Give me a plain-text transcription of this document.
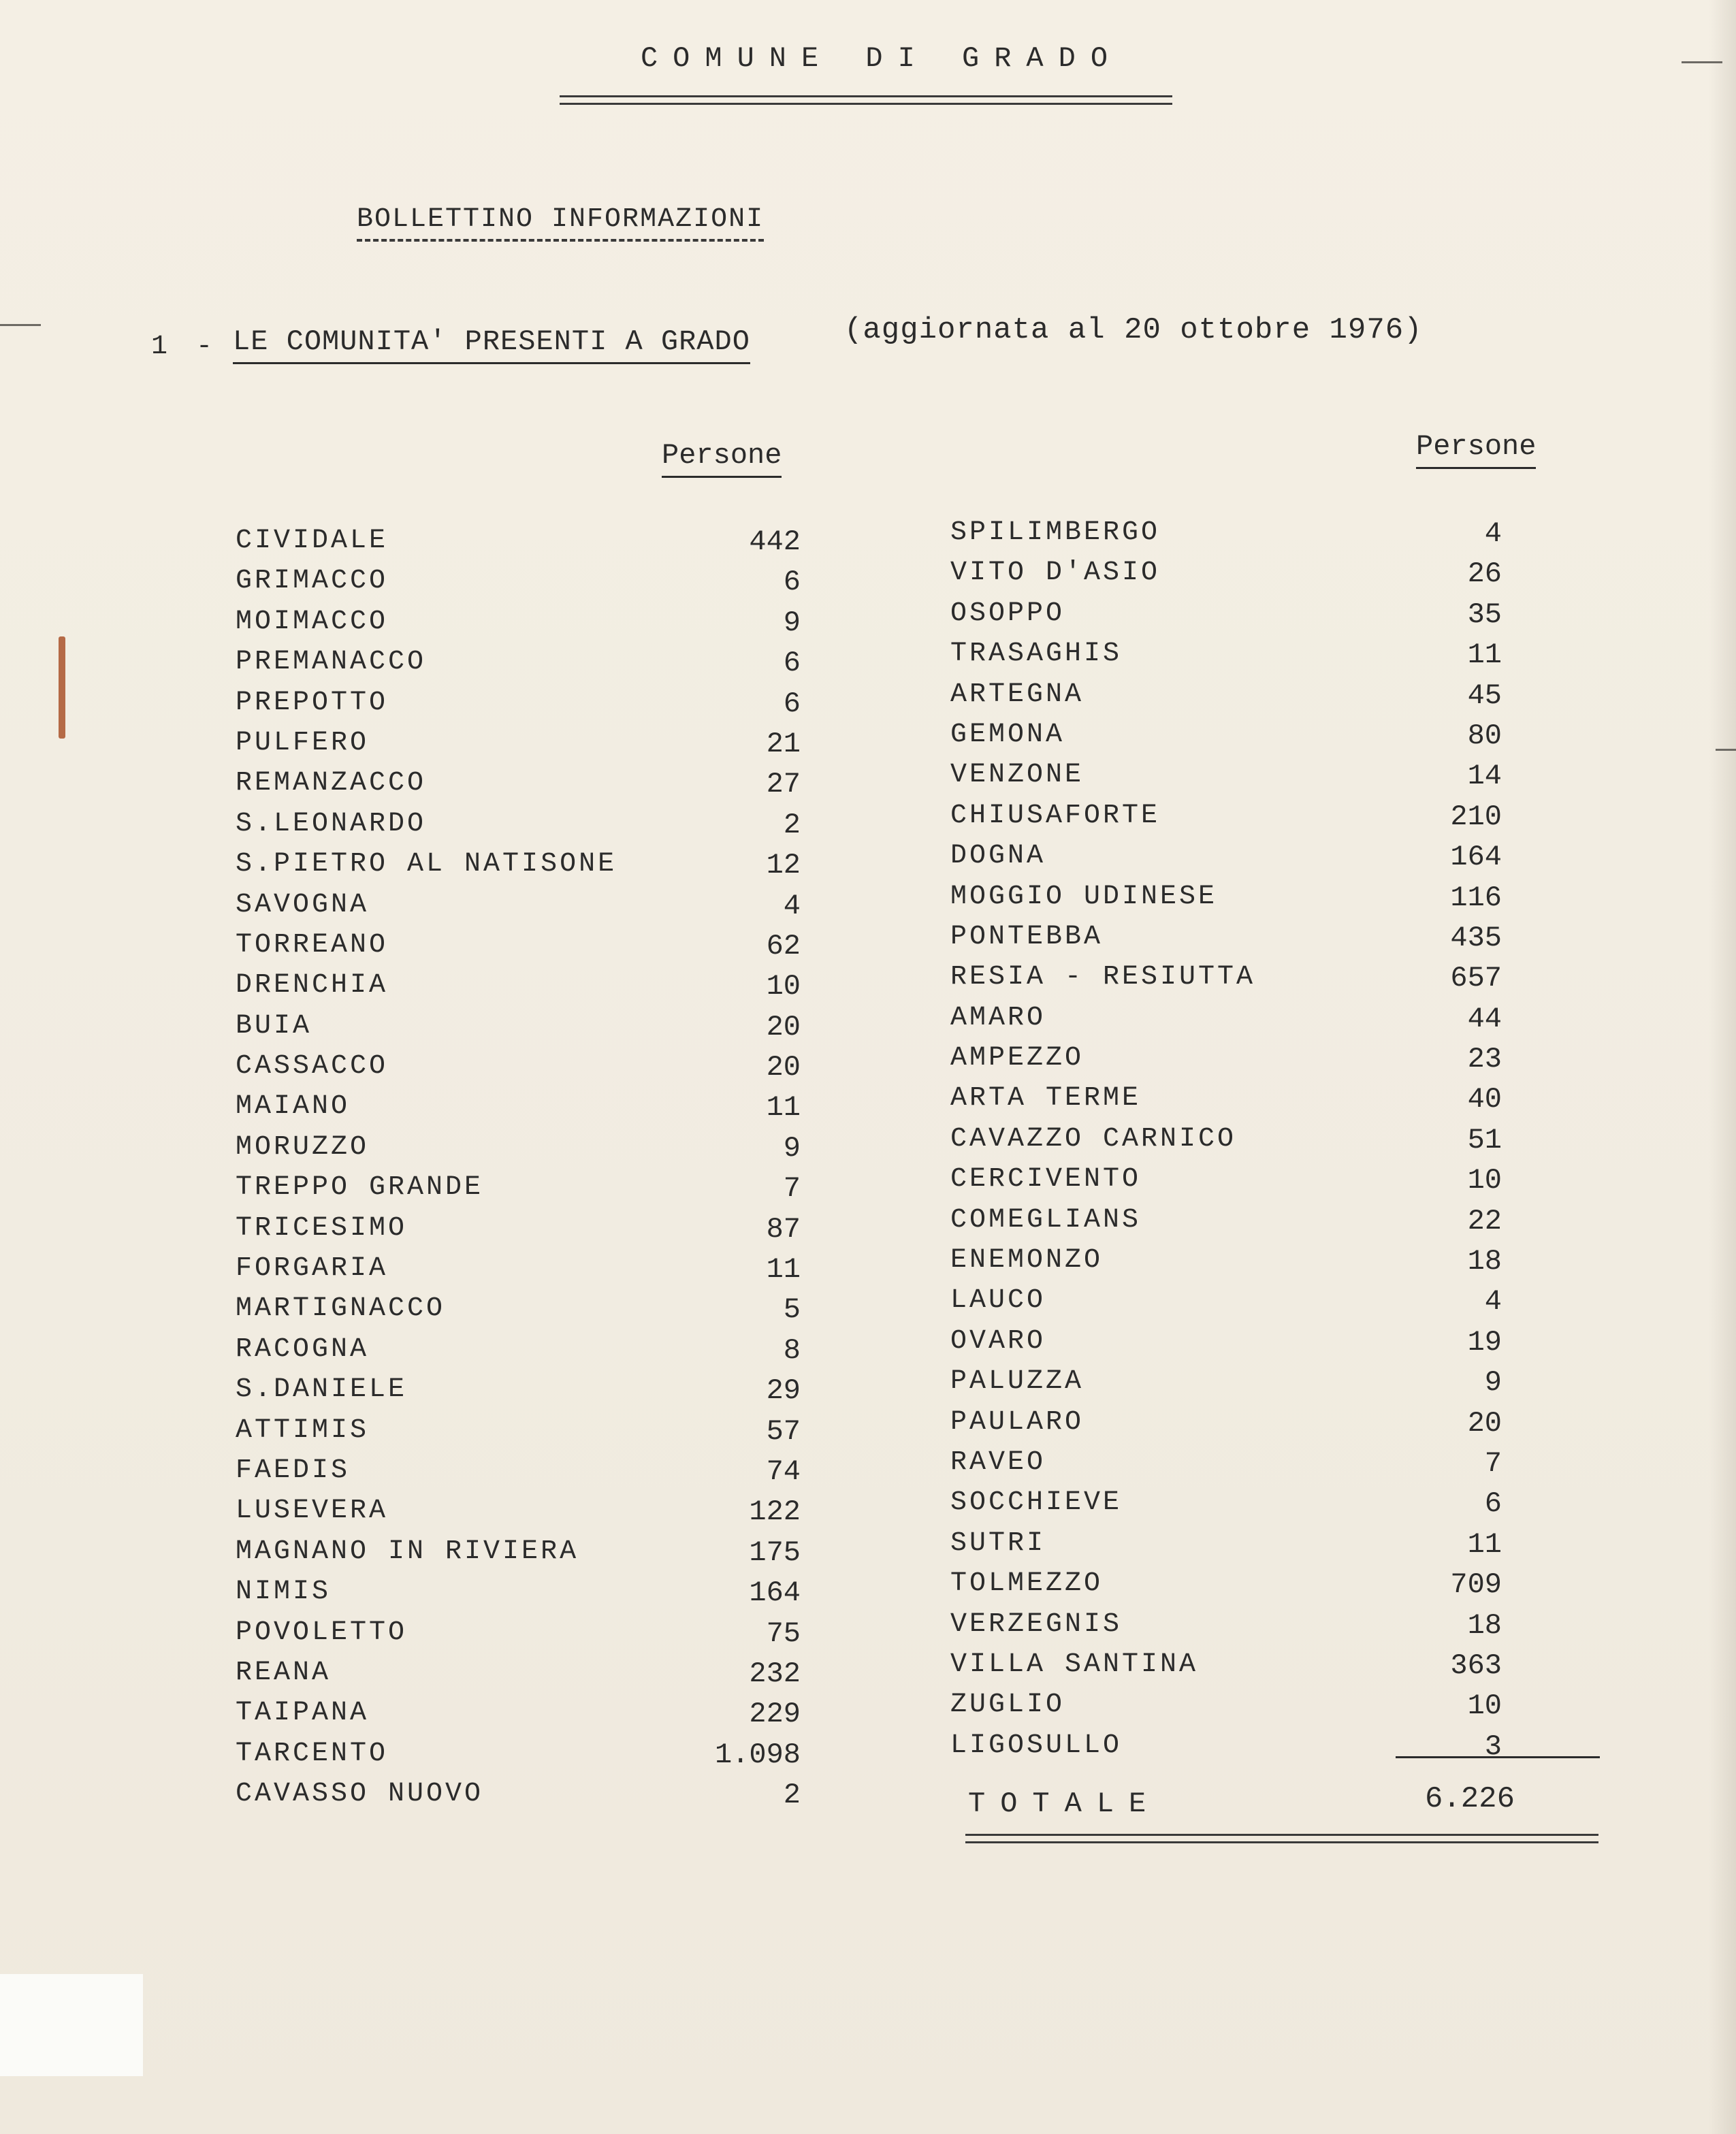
COMUNE DI GRADO
BOLLETTINO INFORMAZIONI
1 - LE COMUNITA' PRESENTI A GRADO	(aggiornata al 20 ottobre 1976)
Persone	Persone
CIVIDALE	442
GRIMACCO	6
MOIMACCO	9
PREMANACCO	6
PREPOTTO	6
PULFERO	21
REMANZACCO	27
S.LEONARDO	2
S.PIETRO AL NATISONE	12
SAVOGNA	4
TORREANO	62
DRENCHIA	10
BUIA	20
CASSACCO	20
MAIANO	11
MORUZZO	9
TREPPO GRANDE	7
TRICESIMO	87
FORGARIA	11
MARTIGNACCO	5
RACOGNA	8
S.DANIELE	29
ATTIMIS	57
FAEDIS	74
LUSEVERA	122
MAGNANO IN RIVIERA	175
NIMIS	164
POVOLETTO	75
REANA	232
TAIPANA	229
TARCENTO	1.098
CAVASSO NUOVO	2
SPILIMBERGO	4
VITO D'ASIO	26
OSOPPO	35
TRASAGHIS	11
ARTEGNA	45
GEMONA	80
VENZONE	14
CHIUSAFORTE	210
DOGNA	164
MOGGIO UDINESE	116
PONTEBBA	435
RESIA - RESIUTTA	657
AMARO	44
AMPEZZO	23
ARTA TERME	40
CAVAZZO CARNICO	51
CERCIVENTO	10
COMEGLIANS	22
ENEMONZO	18
LAUCO	4
OVARO	19
PALUZZA	9
PAULARO	20
RAVEO	7
SOCCHIEVE	6
SUTRI	11
TOLMEZZO	709
VERZEGNIS	18
VILLA SANTINA	363
ZUGLIO	10
LIGOSULLO	3
TOTALE	6.226
